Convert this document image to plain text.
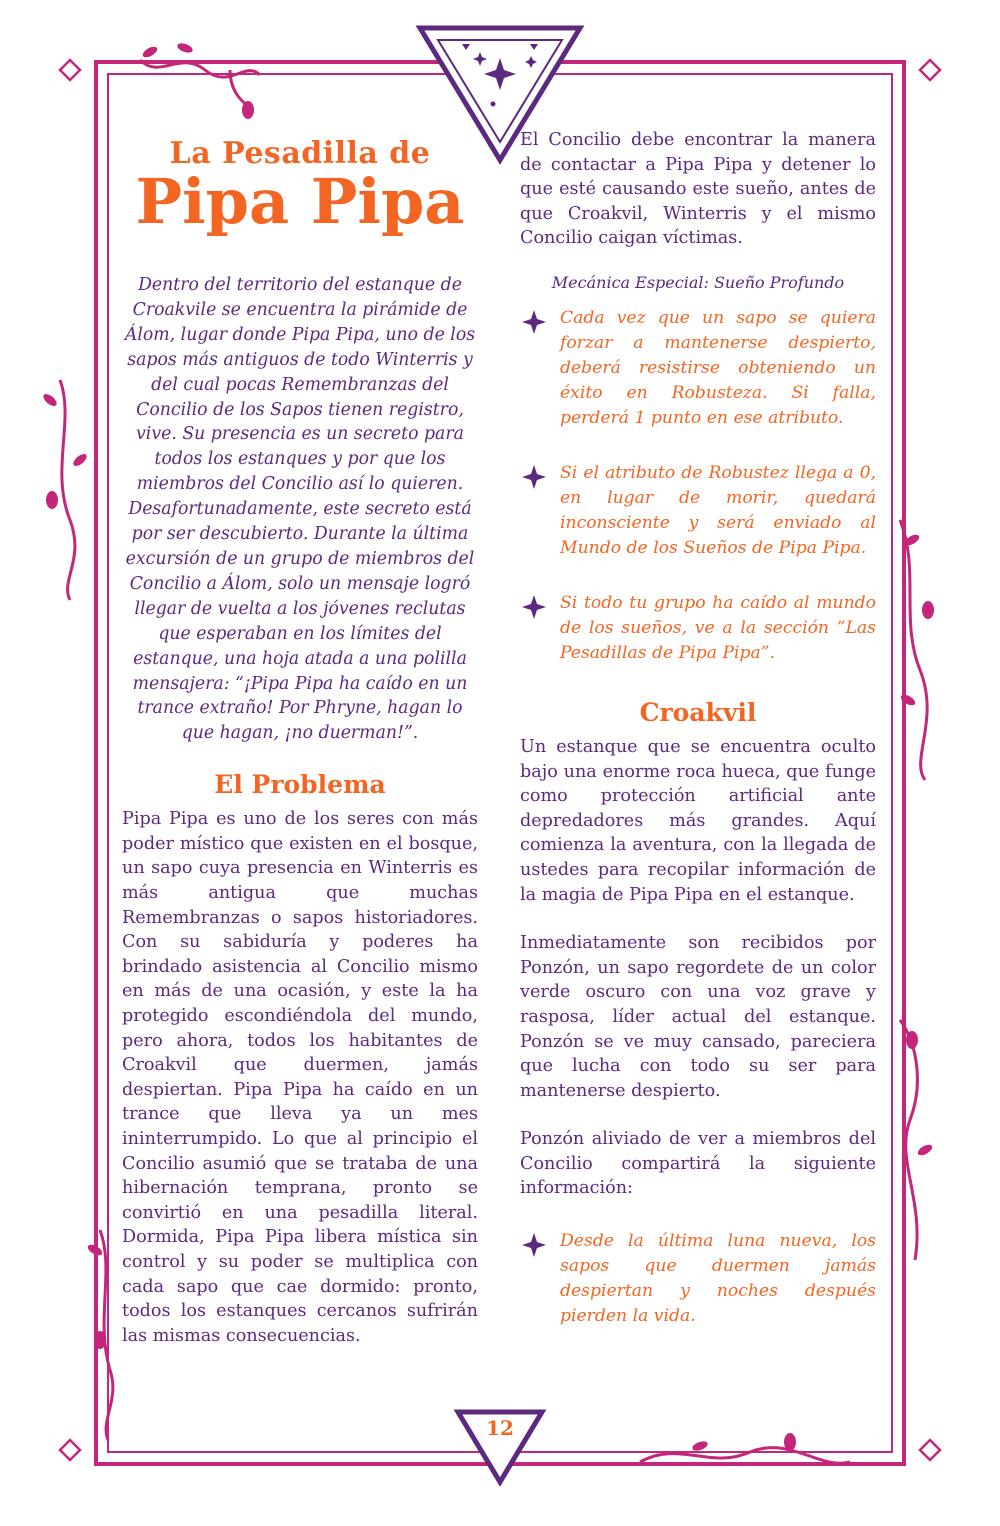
La Pesadilla de
Pipa Pipa
Dentro del territorio del estanque de Croakvile se encuentra la pirámide de Álom, lugar donde Pipa Pipa, uno de los sapos más antiguos de todo Winterris y del cual pocas Remembranzas del Concilio de los Sapos tienen registro, vive. Su presencia es un secreto para todos los estanques y por que los miembros del Concilio así lo quieren. Desafortunadamente, este secreto está por ser descubierto. Durante la última excursión de un grupo de miembros del Concilio a Álom, solo un mensaje logró llegar de vuelta a los jóvenes reclutas que esperaban en los límites del estanque, una hoja atada a una polilla mensajera: “¡Pipa Pipa ha caído en un trance extraño! Por Phryne, hagan lo que hagan, ¡no duerman!”.
El Problema

Pipa Pipa es uno de los seres con más poder místico que existen en el bosque, un sapo cuya presencia en Winterris es más antigua que muchas Remembranzas o sapos historiadores. Con su sabiduría y poderes ha brindado asistencia al Concilio mismo en más de una ocasión, y este la ha protegido escondiéndola del mundo, pero ahora, todos los habitantes de Croakvil que duermen, jamás despiertan. Pipa Pipa ha caído en un trance que lleva ya un mes ininterrumpido. Lo que al principio el Concilio asumió que se trataba de una hibernación temprana, pronto se convirtió en una pesadilla literal. Dormida, Pipa Pipa libera mística sin control y su poder se multiplica con cada sapo que cae dormido: pronto, todos los estanques cercanos sufrirán las mismas consecuencias.

El Concilio debe encontrar la manera de contactar a Pipa Pipa y detener lo que esté causando este sueño, antes de que Croakvil, Winterris y el mismo Concilio caigan víctimas.
Mecánica Especial: Sueño Profundo
Cada vez que un sapo se quiera forzar a mantenerse despierto, deberá resistirse obteniendo un éxito en Robusteza. Si falla, perderá 1 punto en ese atributo.
Si el atributo de Robustez llega a 0, en lugar de morir, quedará inconsciente y será enviado al Mundo de los Sueños de Pipa Pipa.
Si todo tu grupo ha caído al mundo de los sueños, ve a la sección ”Las Pesadillas de Pipa Pipa”.
Croakvil

Un estanque que se encuentra oculto bajo una enorme roca hueca, que funge como protección artificial ante depredadores más grandes. Aquí comienza la aventura, con la llegada de ustedes para recopilar información de la magia de Pipa Pipa en el estanque.

Inmediatamente son recibidos por Ponzón, un sapo regordete de un color verde oscuro con una voz grave y rasposa, líder actual del estanque. Ponzón se ve muy cansado, pareciera que lucha con todo su ser para mantenerse despierto.

Ponzón aliviado de ver a miembros del Concilio compartirá la siguiente información:

Desde la última luna nueva, los sapos que duermen jamás despiertan y noches después pierden la vida.
12
